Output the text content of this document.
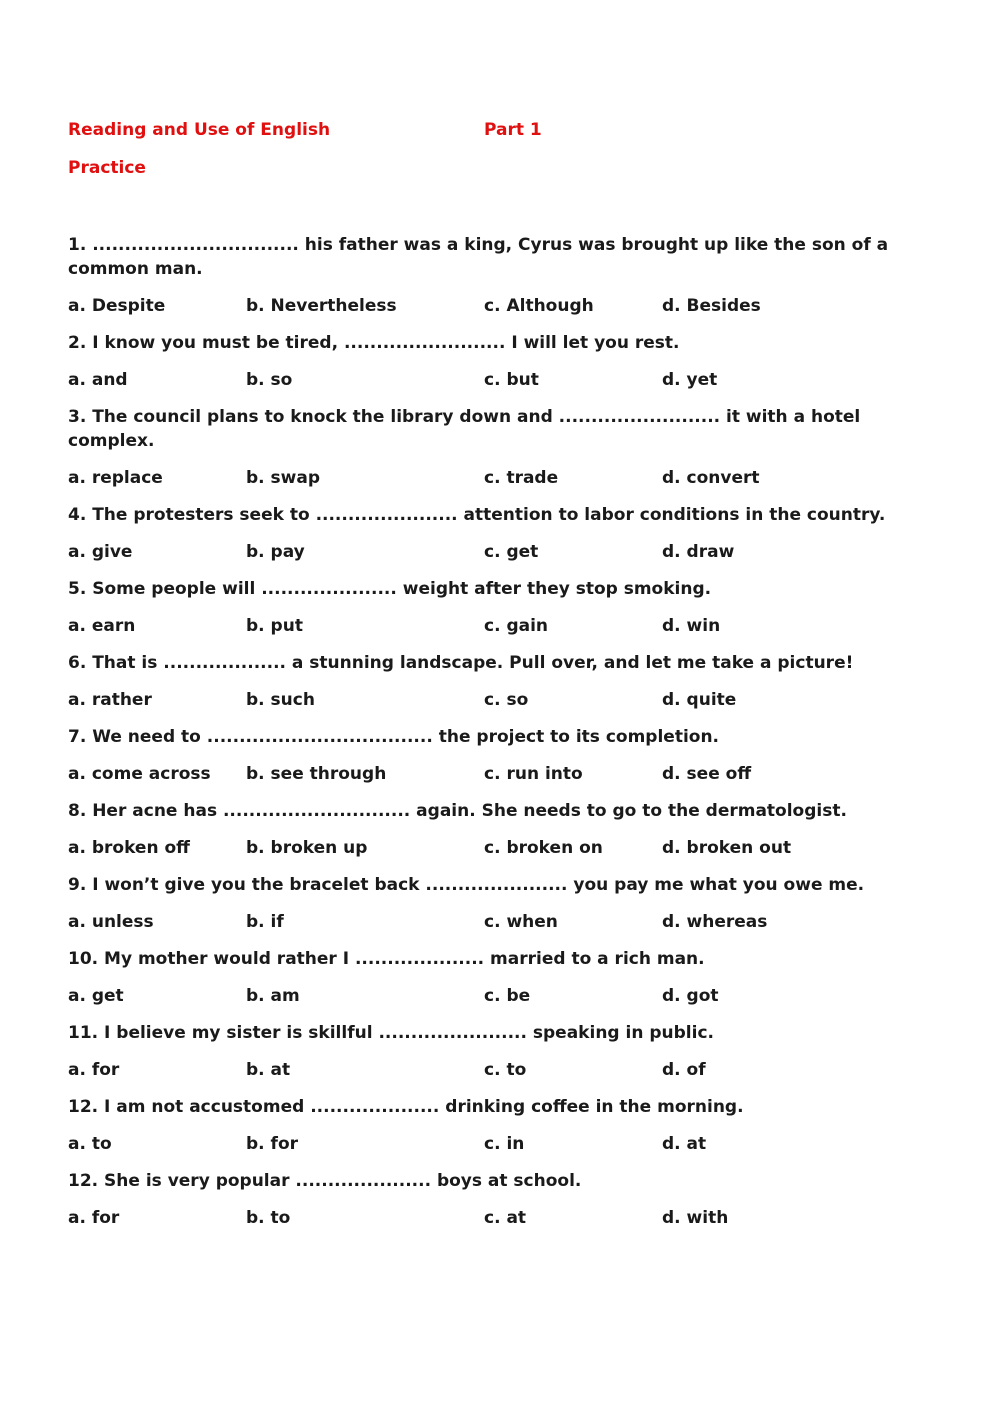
Reading and Use of English	Part 1
Practice
1. ................................ his father was a king, Cyrus was brought up like the son of a common man.
a. Despite	b. Nevertheless	c. Although	d. Besides
2. I know you must be tired, ......................... I will let you rest.
a. and	b. so	c. but	d. yet
3. The council plans to knock the library down and ......................... it with a hotel complex.
a. replace	b. swap	c. trade	d. convert
4. The protesters seek to ...................... attention to labor conditions in the country.
a. give	b. pay	c. get	d. draw
5. Some people will ..................... weight after they stop smoking.
a. earn	b. put	c. gain	d. win
6. That is ................... a stunning landscape. Pull over, and let me take a picture!
a. rather	b. such	c. so	d. quite
7. We need to ................................... the project to its completion.
a. come across b. see through	c. run into	d. see off
8. Her acne has ............................. again. She needs to go to the dermatologist.
a. broken off	b. broken up	c. broken on	d. broken out
9. I won’t give you the bracelet back ...................... you pay me what you owe me.
a. unless	b. if	c. when	d. whereas
10. My mother would rather I .................... married to a rich man.
a. get	b. am	c. be	d. got
11. I believe my sister is skillful ....................... speaking in public.
a. for	b. at	c. to	d. of
12. I am not accustomed .................... drinking coffee in the morning.
a. to	b. for	c. in	d. at
12. She is very popular ..................... boys at school.
a. for	b. to	c. at	d. with
